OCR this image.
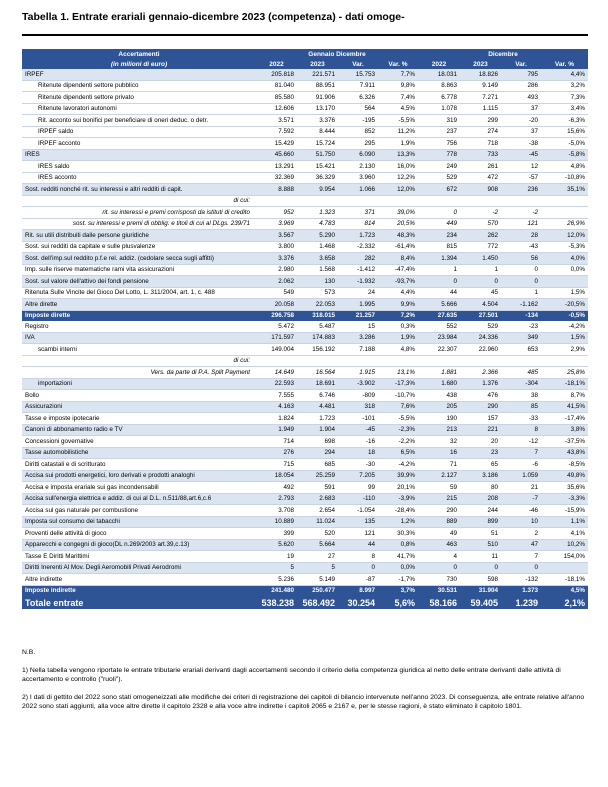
Tabella 1. Entrate erariali gennaio-dicembre 2023 (competenza) - dati omoge-
Accertamenti	Gennaio Dicembre				Dicembre			
(in milioni di euro)	2022	2023	Var.	Var. %	2022	2023	Var.	Var. %
IRPEF	205.818	221.571	15.753	7,7%	18.031	18.826	795	4,4%
Ritenute dipendenti settore pubblico	81.040	88.951	7.911	9,8%	8.863	9.149	286	3,2%
Ritenute dipendenti settore privato	85.580	91.906	6.326	7,4%	6.778	7.271	493	7,3%
Ritenute lavoratori autonomi	12.606	13.170	564	4,5%	1.078	1.115	37	3,4%
Rit. acconto sui bonifici per beneficiare di oneri deduc. o detr.	3.571	3.376	-195	-5,5%	319	299	-20	-6,3%
IRPEF saldo	7.592	8.444	852	11,2%	237	274	37	15,6%
IRPEF acconto	15.429	15.724	295	1,9%	756	718	-38	-5,0%
IRES	45.660	51.750	6.090	13,3%	778	733	-45	-5,8%
IRES saldo	13.291	15.421	2.130	16,0%	249	261	12	4,8%
IRES acconto	32.369	36.329	3.960	12,2%	529	472	-57	-10,8%
Sost. redditi nonché rit. su interessi e altri redditi di capit.	8.888	9.954	1.066	12,0%	672	908	236	35,1%
di cui:								
rit. su interessi e premi corrisposti da istituti di credito	952	1.323	371	39,0%	0	-2	-2	
sost. su interessi e premi di obblig. e titoli di cui al DLgs. 239/71	3.969	4.783	814	20,5%	449	570	121	26,9%
Rit. su utili distribuiti dalle persone giuridiche	3.567	5.290	1.723	48,3%	234	262	28	12,0%
Sost. sui redditi da capitale e sulle plusvalenze	3.800	1.468	-2.332	-61,4%	815	772	-43	-5,3%
Sost. dell'imp.sul reddito p.f.e rel. addiz. (cedolare secca sugli affitti)	3.376	3.658	282	8,4%	1.394	1.450	56	4,0%
Imp. sulle riserve matematiche rami vita assicurazioni	2.980	1.568	-1.412	-47,4%	1	1	0	0,0%
Sost. sul valore dell'attivo dei fondi pensione	2.062	130	-1.932	-93,7%	0	0	0	
Ritenuta Sulle Vincite del Gioco Del Lotto, L. 311/2004, art. 1, c. 488	549	573	24	4,4%	44	45	1	1,5%
Altre dirette	20.058	22.053	1.995	9,9%	5.666	4.504	-1.162	-20,5%
Imposte dirette	296.758	318.015	21.257	7,2%	27.635	27.501	-134	-0,5%
Registro	5.472	5.487	15	0,3%	552	529	-23	-4,2%
IVA	171.597	174.883	3.286	1,9%	23.984	24.336	349	1,5%
scambi interni	149.004	156.192	7.188	4,8%	22.307	22.960	653	2,9%
di cui:								
Vers. da parte di P.A. Split Payment	14.649	16.564	1.915	13,1%	1.881	2.366	485	25,8%
importazioni	22.593	18.691	-3.902	-17,3%	1.680	1.376	-304	-18,1%
Bollo	7.555	6.746	-809	-10,7%	438	476	38	8,7%
Assicurazioni	4.163	4.481	318	7,6%	205	290	85	41,5%
Tasse e imposte ipotecarie	1.824	1.723	-101	-5,5%	190	157	-33	-17,4%
Canoni di abbonamento radio e TV	1.949	1.904	-45	-2,3%	213	221	8	3,8%
Concessioni governative	714	698	-16	-2,2%	32	20	-12	-37,5%
Tasse automobilistiche	276	294	18	6,5%	16	23	7	43,8%
Diritti catastali e di scritturato	715	685	-30	-4,2%	71	65	-6	-8,5%
Accisa sui prodotti energetici, loro derivati e prodotti analoghi	18.054	25.259	7.205	39,9%	2.127	3.186	1.059	49,8%
Accisa e imposta erariale sui gas incondensabili	492	591	99	20,1%	59	80	21	35,6%
Accisa sull'energia elettrica e addiz. di cui al D.L. n.511/88,art.6,c.6	2.793	2.683	-110	-3,9%	215	208	-7	-3,3%
Accisa sul gas naturale per combustione	3.708	2.654	-1.054	-28,4%	290	244	-46	-15,9%
Imposta sul consumo dei tabacchi	10.889	11.024	135	1,2%	889	899	10	1,1%
Proventi delle attività di gioco	399	520	121	30,3%	49	51	2	4,1%
Apparecchi e congegni di gioco(DL n.269/2003 art.39,c.13)	5.620	5.664	44	0,8%	463	510	47	10,2%
Tasse E Diritti Marittimi	19	27	8	41,7%	4	11	7	154,0%
Diritti Inerenti Al Mov. Degli Aeromobili Privati Aerodromi	5	5	0	0,0%	0	0	0	
Altre indirette	5.236	5.149	-87	-1,7%	730	598	-132	-18,1%
Imposte indirette	241.480	250.477	8.997	3,7%	30.531	31.904	1.373	4,5%
Totale entrate	538.238	568.492	30.254	5,6%	58.166	59.405	1.239	2,1%

N.B.

1) Nella tabella vengono riportate le entrate tributarie erariali derivanti dagli accertamenti secondo il criterio della competenza giuridica al netto delle entrate derivanti dalle attività di accertamento e controllo ("ruoli").

2) I dati di gettito del 2022 sono stati omogeneizzati alle modifiche dei criteri di registrazione dei capitoli di bilancio intervenute nell'anno 2023. Di conseguenza, alle entrate relative all'anno 2022 sono stati aggiunti, alla voce altre dirette il capitolo 2328 e alla voce altre indirette i capitoli 2065 e 2167 e, per le stesse ragioni, è stato eliminato il capitolo 1801.
